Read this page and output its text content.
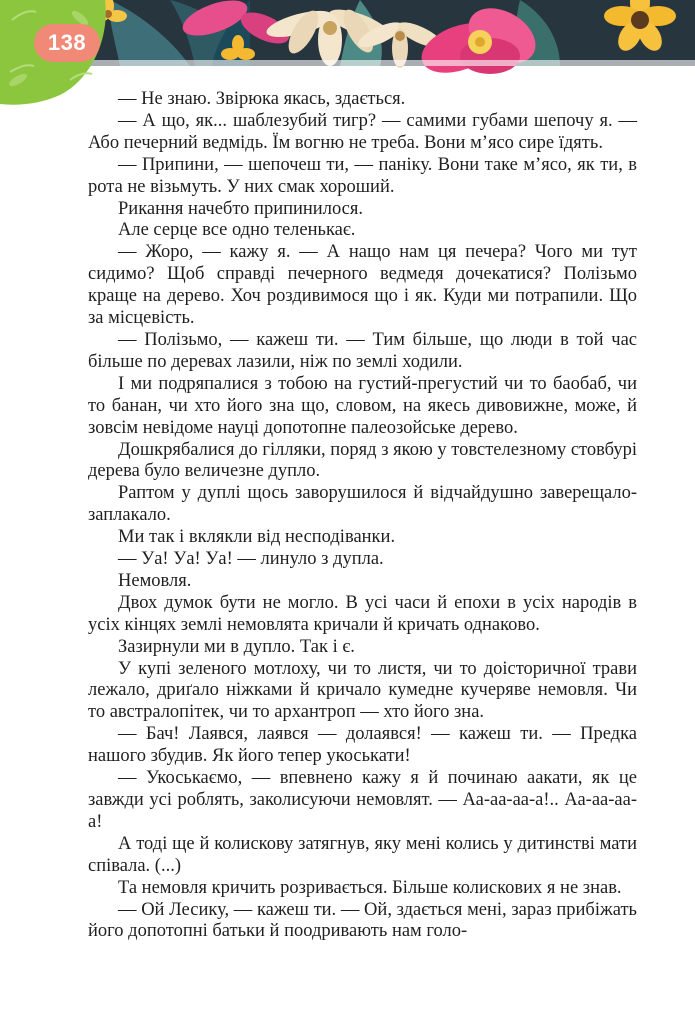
138

— Не знаю. Звірюка якась, здається.

— А що, як... шаблезубий тигр? — самими губами шепочу я. — Або печерний ведмідь. Їм вогню не треба. Вони м’ясо сире їдять.

— Припини, — шепочеш ти, — паніку. Вони таке м’ясо, як ти, в рота не візьмуть. У них смак хороший.

Рикання начебто припинилося.

Але серце все одно теленькає.

— Жоро, — кажу я. — А нащо нам ця печера? Чого ми тут сидимо? Щоб справді печерного ведмедя дочекатися? Полізьмо краще на дерево. Хоч роздивимося що і як. Куди ми потрапили. Що за місцевість.

— Полізьмо, — кажеш ти. — Тим більше, що люди в той час більше по деревах лазили, ніж по землі ходили.

І ми подряпалися з тобою на густий-прегустий чи то баобаб, чи то банан, чи хто його зна що, словом, на якесь дивовижне, може, й зовсім невідоме науці допотопне палеозойське дерево.

Дошкрябалися до гілляки, поряд з якою у товстелезному стовбурі дерева було величезне дупло.

Раптом у дуплі щось заворушилося й відчайдушно заверещало-заплакало.

Ми так і вклякли від несподіванки.

— Уа! Уа! Уа! — линуло з дупла.

Немовля.

Двох думок бути не могло. В усі часи й епохи в усіх народів в усіх кінцях землі немовлята кричали й кричать однаково.

Зазирнули ми в дупло. Так і є.

У купі зеленого мотлоху, чи то листя, чи то доісторичної трави лежало, дриґало ніжками й кричало кумедне кучеряве немовля. Чи то австралопітек, чи то архантроп — хто його зна.

— Бач! Лаявся, лаявся — долаявся! — кажеш ти. — Предка нашого збудив. Як його тепер укоськати!

— Укоськаємо, — впевнено кажу я й починаю аакати, як це завжди усі роблять, заколисуючи немовлят. — Аа-аа-аа-а!.. Аа-аа-аа-а!

А тоді ще й колискову затягнув, яку мені колись у дитинстві мати співала. (...)

Та немовля кричить розривається. Більше колискових я не знав.

— Ой Лесику, — кажеш ти. — Ой, здається мені, зараз прибіжать його допотопні батьки й поодривають нам голо-
